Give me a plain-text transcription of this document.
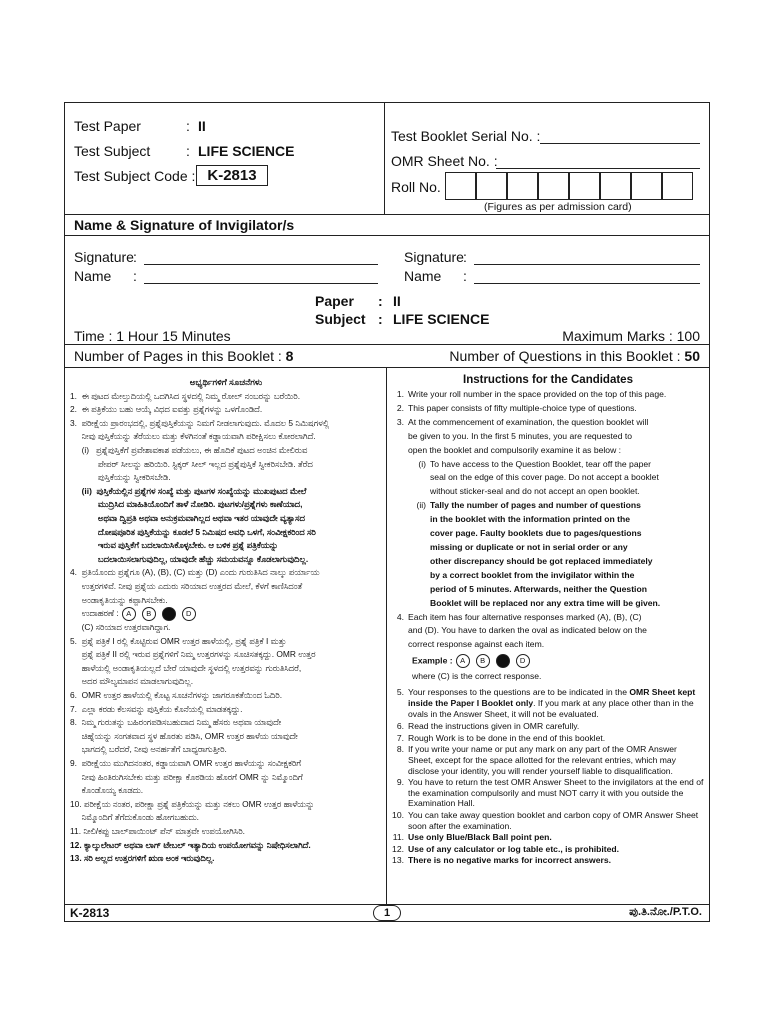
Test Paper	: II
Test Subject	: LIFE SCIENCE
Test Subject Code : K-2813
Test Booklet Serial No. :
OMR Sheet No. :
Roll No.
(Figures as per admission card)
Name & Signature of Invigilator/s
Signature :
Name :
Signature :
Name :
Paper : II
Subject : LIFE SCIENCE
Time : 1 Hour 15 Minutes	Maximum Marks : 100
Number of Pages in this Booklet : 8	Number of Questions in this Booklet : 50
ಅಭ್ಯರ್ಥಿಗಳಿಗೆ ಸೂಚನೆಗಳು
1.  ಈ ಪುಟದ ಮೇಲ್ತುದಿಯಲ್ಲಿ ಒದಗಿಸಿದ ಸ್ಥಳದಲ್ಲಿ ನಿಮ್ಮ ರೋಲ್ ನಂಬರನ್ನು ಬರೆಯಿರಿ.
2.  ಈ ಪತ್ರಿಕೆಯು ಬಹು ಆಯ್ಕೆ ವಿಧದ ಐವತ್ತು ಪ್ರಶ್ನೆಗಳನ್ನು ಒಳಗೊಂಡಿದೆ.
3.  ಪರೀಕ್ಷೆಯ ಪ್ರಾರಂಭದಲ್ಲಿ, ಪ್ರಶ್ನೆಪುಸ್ತಿಕೆಯನ್ನು ನಿಮಗೆ ನೀಡಲಾಗುವುದು. ಮೊದಲ 5 ನಿಮಿಷಗಳಲ್ಲಿ
ನೀವು ಪುಸ್ತಿಕೆಯನ್ನು ತೆರೆಯಲು ಮತ್ತು ಕೆಳಗಿನಂತೆ ಕಡ್ಡಾಯವಾಗಿ ಪರೀಕ್ಷಿಸಲು ಕೋರಲಾಗಿದೆ.
(i)   ಪ್ರಶ್ನೆಪುಸ್ತಿಕೆಗೆ ಪ್ರವೇಶಾವಕಾಶ ಪಡೆಯಲು, ಈ ಹೊದಿಕೆ ಪುಟದ ಅಂಚಿನ ಮೇಲಿರುವ
ಪೇಪರ್ ಸೀಲನ್ನು ಹರಿಯಿರಿ. ಸ್ಟಿಕ್ಕರ್ ಸೀಲ್ ಇಲ್ಲದ ಪ್ರಶ್ನೆಪುಸ್ತಿಕೆ ಸ್ವೀಕರಿಸಬೇಡಿ. ತೆರೆದ
ಪುಸ್ತಿಕೆಯನ್ನು ಸ್ವೀಕರಿಸಬೇಡಿ.
(ii)  ಪುಸ್ತಿಕೆಯಲ್ಲಿನ ಪ್ರಶ್ನೆಗಳ ಸಂಖ್ಯೆ ಮತ್ತು ಪುಟಗಳ ಸಂಖ್ಯೆಯನ್ನು ಮುಖಪುಟದ ಮೇಲೆ
ಮುದ್ರಿಸಿದ ಮಾಹಿತಿಯೊಂದಿಗೆ ತಾಳೆ ನೋಡಿರಿ. ಪುಟಗಳು/ಪ್ರಶ್ನೆಗಳು ಕಾಣೆಯಾದ,
ಅಥವಾ ದ್ವಿಪ್ರತಿ ಅಥವಾ ಅನುಕ್ರಮವಾಗಿಲ್ಲದ ಅಥವಾ ಇತರ ಯಾವುದೇ ವ್ಯತ್ಯಾಸದ
ದೋಷಪೂರಿತ ಪುಸ್ತಿಕೆಯನ್ನು ಕೂಡಲೆ 5 ನಿಮಿಷದ ಅವಧಿ ಒಳಗೆ, ಸಂವೀಕ್ಷಕರಿಂದ ಸರಿ
ಇರುವ ಪುಸ್ತಿಕೆಗೆ ಬದಲಾಯಿಸಿಕೊಳ್ಳಬೇಕು. ಆ ಬಳಿಕ ಪ್ರಶ್ನೆ ಪತ್ರಿಕೆಯನ್ನು
ಬದಲಾಯಿಸಲಾಗುವುದಿಲ್ಲ, ಯಾವುದೇ ಹೆಚ್ಚು ಸಮಯವನ್ನೂ ಕೊಡಲಾಗುವುದಿಲ್ಲ.
4.  ಪ್ರತಿಯೊಂದು ಪ್ರಶ್ನೆಗೂ (A), (B), (C) ಮತ್ತು (D) ಎಂದು ಗುರುತಿಸಿದ ನಾಲ್ಕು ಪರ್ಯಾಯ
ಉತ್ತರಗಳಿವೆ. ನೀವು ಪ್ರಶ್ನೆಯ ಎದುರು ಸರಿಯಾದ ಉತ್ತರದ ಮೇಲೆ, ಕೆಳಗೆ ಕಾಣಿಸಿದಂತೆ
ಅಂಡಾಕೃತಿಯನ್ನು ಕಪ್ಪಾಗಿಸಬೇಕು.
ಉದಾಹರಣೆ : A B	D
(C) ಸರಿಯಾದ ಉತ್ತರವಾಗಿದ್ದಾಗ.
5.  ಪ್ರಶ್ನೆ ಪತ್ರಿಕೆ I ರಲ್ಲಿ ಕೊಟ್ಟಿರುವ OMR ಉತ್ತರ ಹಾಳೆಯಲ್ಲಿ, ಪ್ರಶ್ನೆ ಪತ್ರಿಕೆ I ಮತ್ತು
ಪ್ರಶ್ನೆ ಪತ್ರಿಕೆ II ರಲ್ಲಿ ಇರುವ ಪ್ರಶ್ನೆಗಳಿಗೆ ನಿಮ್ಮ ಉತ್ತರಗಳನ್ನು ಸೂಚಿಸತಕ್ಕದ್ದು. OMR ಉತ್ತರ
ಹಾಳೆಯಲ್ಲಿ ಅಂಡಾಕೃತಿಯಲ್ಲದೆ ಬೇರೆ ಯಾವುದೇ ಸ್ಥಳದಲ್ಲಿ ಉತ್ತರವನ್ನು ಗುರುತಿಸಿದರೆ,
ಅದರ ಮೌಲ್ಯಮಾಪನ ಮಾಡಲಾಗುವುದಿಲ್ಲ.
6.  OMR ಉತ್ತರ ಹಾಳೆಯಲ್ಲಿ ಕೊಟ್ಟ ಸೂಚನೆಗಳನ್ನು ಜಾಗರೂಕತೆಯಿಂದ ಓದಿರಿ.
7.  ಎಲ್ಲಾ ಕರಡು ಕೆಲಸವನ್ನು ಪುಸ್ತಿಕೆಯ ಕೊನೆಯಲ್ಲಿ ಮಾಡತಕ್ಕದ್ದು.
8.  ನಿಮ್ಮ ಗುರುತನ್ನು ಬಹಿರಂಗಪಡಿಸಬಹುದಾದ ನಿಮ್ಮ ಹೆಸರು ಅಥವಾ ಯಾವುದೇ
ಚಿಹ್ನೆಯನ್ನು ಸಂಗತವಾದ ಸ್ಥಳ ಹೊರತು ಪಡಿಸಿ, OMR ಉತ್ತರ ಹಾಳೆಯ ಯಾವುದೇ
ಭಾಗದಲ್ಲಿ ಬರೆದರೆ, ನೀವು ಅನರ್ಹತೆಗೆ ಬಾಧ್ಯರಾಗುತ್ತೀರಿ.
9.  ಪರೀಕ್ಷೆಯು ಮುಗಿದನಂತರ, ಕಡ್ಡಾಯವಾಗಿ OMR ಉತ್ತರ ಹಾಳೆಯನ್ನು ಸಂವೀಕ್ಷಕರಿಗೆ
ನೀವು ಹಿಂತಿರುಗಿಸಬೇಕು ಮತ್ತು ಪರೀಕ್ಷಾ ಕೊಠಡಿಯ ಹೊರಗೆ OMR ನ್ನು ನಿಮ್ಮೊಂದಿಗೆ
ಕೊಂಡೊಯ್ಯ ಕೂಡದು.
10. ಪರೀಕ್ಷೆಯ ನಂತರ, ಪರೀಕ್ಷಾ ಪ್ರಶ್ನೆ ಪತ್ರಿಕೆಯನ್ನು ಮತ್ತು ನಕಲು OMR ಉತ್ತರ ಹಾಳೆಯನ್ನು
ನಿಮ್ಮೊಂದಿಗೆ ತೆಗೆದುಕೊಂಡು ಹೋಗಬಹುದು.
11. ನೀಲಿ/ಕಪ್ಪು ಬಾಲ್‌ಪಾಯಿಂಟ್ ಪೆನ್ ಮಾತ್ರವೇ ಉಪಯೋಗಿಸಿರಿ.
12. ಕ್ಯಾಲ್ಕುಲೇಟರ್ ಅಥವಾ ಲಾಗ್ ಟೇಬಲ್ ಇತ್ಯಾದಿಯ ಉಪಯೋಗವನ್ನು ನಿಷೇಧಿಸಲಾಗಿದೆ.
13. ಸರಿ ಅಲ್ಲದ ಉತ್ತರಗಳಿಗೆ ಋಣ ಅಂಕ ಇರುವುದಿಲ್ಲ.
Instructions for the Candidates
1. Write your roll number in the space provided on the top of this page.
2. This paper consists of fifty multiple-choice type of questions.
3. At the commencement of examination, the question booklet will
be given to you. In the first 5 minutes, you are requested to
open the booklet and compulsorily examine it as below :
(i) To have access to the Question Booklet, tear off the paper
seal on the edge of this cover page. Do not accept a booklet
without sticker-seal and do not accept an open booklet.
(ii) Tally the number of pages and number of questions
in the booklet with the information printed on the
cover page. Faulty booklets due to pages/questions
missing or duplicate or not in serial order or any
other discrepancy should be got replaced immediately
by a correct booklet from the invigilator within the
period of 5 minutes. Afterwards, neither the Question
Booklet will be replaced nor any extra time will be given.
4. Each item has four alternative responses marked (A), (B), (C)
and (D). You have to darken the oval as indicated below on the
correct response against each item.
Example : A B	D
where (C) is the correct response.
5. Your responses to the questions are to be indicated in the OMR Sheet kept inside the Paper I Booklet only. If you mark at any place other than in the ovals in the Answer Sheet, it will not be evaluated.
6. Read the instructions given in OMR carefully.
7. Rough Work is to be done in the end of this booklet.
8. If you write your name or put any mark on any part of the OMR Answer Sheet, except for the space allotted for the relevant entries, which may disclose your identity, you will render yourself liable to disqualification.
9. You have to return the test OMR Answer Sheet to the invigilators at the end of the examination compulsorily and must NOT carry it with you outside the Examination Hall.
10. You can take away question booklet and carbon copy of OMR Answer Sheet soon after the examination.
11. Use only Blue/Black Ball point pen.
12. Use of any calculator or log table etc., is prohibited.
13. There is no negative marks for incorrect answers.
K-2813	1	ಪು.ತಿ.ನೋ./P.T.O.
